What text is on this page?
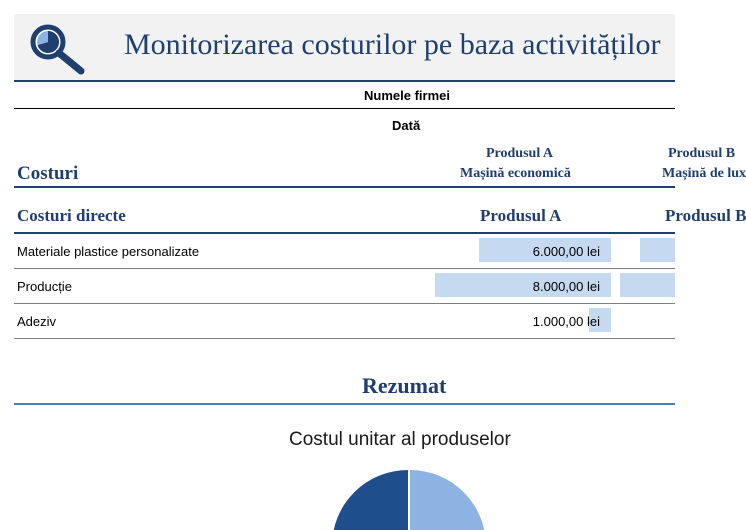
Monitorizarea costurilor pe baza activităților
Numele firmei
Dată
Produsul A
Mașină economică
Produsul B
Mașină de lux
Costuri
Costuri directe	Produsul A	Produsul B
Materiale plastice personalizate	6.000,00 lei
Producție	8.000,00 lei
Adeziv	1.000,00 lei
Rezumat
Costul unitar al produselor
